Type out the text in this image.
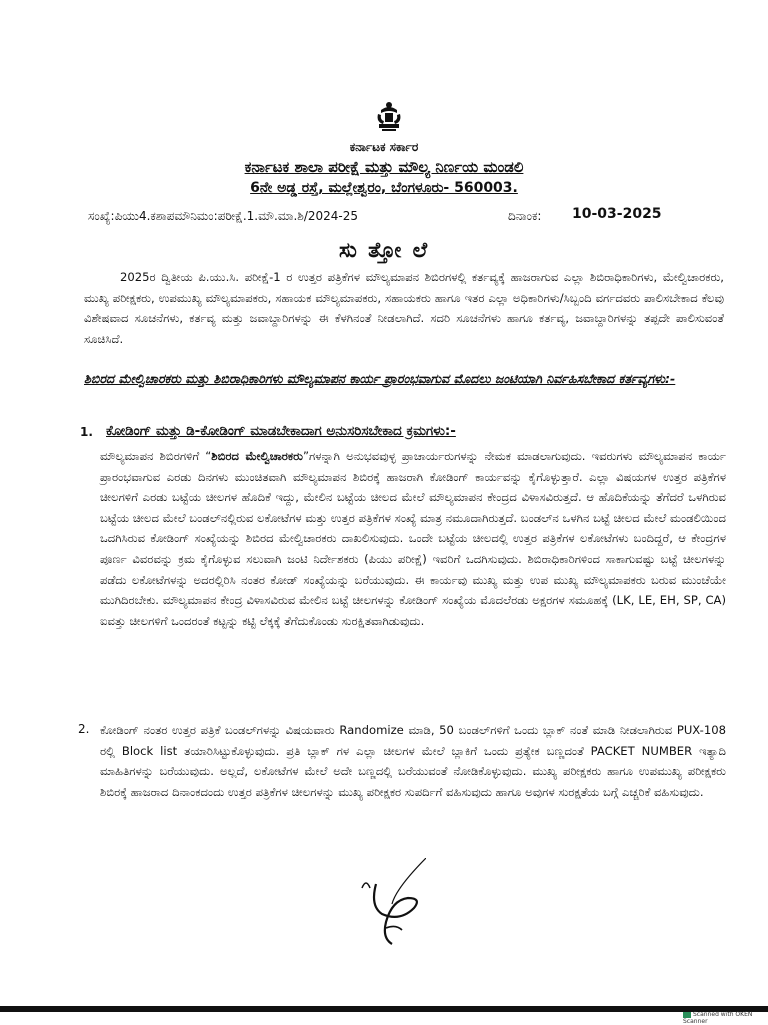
ಕರ್ನಾಟಕ ಸರ್ಕಾರ
ಕರ್ನಾಟಕ ಶಾಲಾ ಪರೀಕ್ಷೆ ಮತ್ತು ಮೌಲ್ಯ ನಿರ್ಣಯ ಮಂಡಲಿ
6ನೇ ಅಡ್ಡ ರಸ್ತೆ, ಮಲ್ಲೇಶ್ವರಂ, ಬೆಂಗಳೂರು- 560003.
ಸಂಖ್ಯೆ:ಪಿಯು4.ಕಶಾಪಮೌನಿಮಂ:ಪರೀಕ್ಷೆ.1.ಮೌ.ಮಾ.ಶಿ/2024-25	ದಿನಾಂಕ: 10-03-2025
ಸು ತ್ತೋ ಲೆ

2025ರ ದ್ವಿತೀಯ ಪಿ.ಯು.ಸಿ. ಪರೀಕ್ಷೆ-1 ರ ಉತ್ತರ ಪತ್ರಿಕೆಗಳ ಮೌಲ್ಯಮಾಪನ ಶಿಬಿರಗಳಲ್ಲಿ ಕರ್ತವ್ಯಕ್ಕೆ ಹಾಜರಾಗುವ ಎಲ್ಲಾ ಶಿಬಿರಾಧಿಕಾರಿಗಳು, ಮೇಲ್ವಿಚಾರಕರು, ಮುಖ್ಯ ಪರೀಕ್ಷಕರು, ಉಪಮುಖ್ಯ ಮೌಲ್ಯಮಾಪಕರು, ಸಹಾಯಕ ಮೌಲ್ಯಮಾಪಕರು, ಸಹಾಯಕರು ಹಾಗೂ ಇತರ ಎಲ್ಲಾ ಅಧಿಕಾರಿಗಳು/ಸಿಬ್ಬಂದಿ ವರ್ಗದವರು ಪಾಲಿಸಬೇಕಾದ ಕೆಲವು ವಿಶೇಷವಾದ ಸೂಚನೆಗಳು, ಕರ್ತವ್ಯ ಮತ್ತು ಜವಾಬ್ದಾರಿಗಳನ್ನು ಈ ಕೆಳಗಿನಂತೆ ನೀಡಲಾಗಿದೆ. ಸದರಿ ಸೂಚನೆಗಳು ಹಾಗೂ ಕರ್ತವ್ಯ, ಜವಾಬ್ದಾರಿಗಳನ್ನು ತಪ್ಪದೇ ಪಾಲಿಸುವಂತೆ ಸೂಚಿಸಿದೆ.

ಶಿಬಿರದ ಮೇಲ್ವಿಚಾರಕರು ಮತ್ತು ಶಿಬಿರಾಧಿಕಾರಿಗಳು ಮೌಲ್ಯಮಾಪನ ಕಾರ್ಯ ಪ್ರಾರಂಭವಾಗುವ ಮೊದಲು ಜಂಟಿಯಾಗಿ ನಿರ್ವಹಿಸಬೇಕಾದ ಕರ್ತವ್ಯಗಳು:-
1. ಕೋಡಿಂಗ್ ಮತ್ತು ಡಿ-ಕೋಡಿಂಗ್ ಮಾಡಬೇಕಾದಾಗ ಅನುಸರಿಸಬೇಕಾದ ಕ್ರಮಗಳು:-

ಮೌಲ್ಯಮಾಪನ ಶಿಬಿರಗಳಿಗೆ “ಶಿಬಿರದ ಮೇಲ್ವಿಚಾರಕರು”ಗಳನ್ನಾಗಿ ಅನುಭವವುಳ್ಳ ಪ್ರಾಚಾರ್ಯರುಗಳನ್ನು ನೇಮಕ ಮಾಡಲಾಗುವುದು. ಇವರುಗಳು ಮೌಲ್ಯಮಾಪನ ಕಾರ್ಯ ಪ್ರಾರಂಭವಾಗುವ ಎರಡು ದಿನಗಳು ಮುಂಚಿತವಾಗಿ ಮೌಲ್ಯಮಾಪನ ಶಿಬಿರಕ್ಕೆ ಹಾಜರಾಗಿ ಕೋಡಿಂಗ್ ಕಾರ್ಯವನ್ನು ಕೈಗೊಳ್ಳುತ್ತಾರೆ. ಎಲ್ಲಾ ವಿಷಯಗಳ ಉತ್ತರ ಪತ್ರಿಕೆಗಳ ಚೀಲಗಳಿಗೆ ಎರಡು ಬಟ್ಟೆಯ ಚೀಲಗಳ ಹೊದಿಕೆ ಇದ್ದು, ಮೇಲಿನ ಬಟ್ಟೆಯ ಚೀಲದ ಮೇಲೆ ಮೌಲ್ಯಮಾಪನ ಕೇಂದ್ರದ ವಿಳಾಸವಿರುತ್ತದೆ. ಆ ಹೊದಿಕೆಯನ್ನು ತೆಗೆದರೆ ಒಳಗಿರುವ ಬಟ್ಟೆಯ ಚೀಲದ ಮೇಲೆ ಬಂಡಲ್‌ನಲ್ಲಿರುವ ಲಕೋಟೆಗಳ ಮತ್ತು ಉತ್ತರ ಪತ್ರಿಕೆಗಳ ಸಂಖ್ಯೆ ಮಾತ್ರ ನಮೂದಾಗಿರುತ್ತದೆ. ಬಂಡಲ್‌ನ ಒಳಗಿನ ಬಟ್ಟೆ ಚೀಲದ ಮೇಲೆ ಮಂಡಲಿಯಿಂದ ಒದಗಿಸಿರುವ ಕೋಡಿಂಗ್ ಸಂಖ್ಯೆಯನ್ನು ಶಿಬಿರದ ಮೇಲ್ವಿಚಾರಕರು ದಾಖಲಿಸುವುದು. ಒಂದೇ ಬಟ್ಟೆಯ ಚೀಲದಲ್ಲಿ ಉತ್ತರ ಪತ್ರಿಕೆಗಳ ಲಕೋಟೆಗಳು ಬಂದಿದ್ದರೆ, ಆ ಕೇಂದ್ರಗಳ ಪೂರ್ಣ ವಿವರವನ್ನು ಕ್ರಮ ಕೈಗೊಳ್ಳುವ ಸಲುವಾಗಿ ಜಂಟಿ ನಿರ್ದೇಶಕರು (ಪಿಯು ಪರೀಕ್ಷೆ) ಇವರಿಗೆ ಒದಗಿಸುವುದು. ಶಿಬಿರಾಧಿಕಾರಿಗಳಿಂದ ಸಾಕಾಗುವಷ್ಟು ಬಟ್ಟೆ ಚೀಲಗಳನ್ನು ಪಡೆದು ಲಕೋಟೆಗಳನ್ನು ಅದರಲ್ಲಿರಿಸಿ ನಂತರ ಕೋಡ್ ಸಂಖ್ಯೆಯನ್ನು ಬರೆಯುವುದು. ಈ ಕಾರ್ಯವು ಮುಖ್ಯ ಮತ್ತು ಉಪ ಮುಖ್ಯ ಮೌಲ್ಯಮಾಪಕರು ಬರುವ ಮುಂಚೆಯೇ ಮುಗಿದಿರಬೇಕು. ಮೌಲ್ಯಮಾಪನ ಕೇಂದ್ರ ವಿಳಾಸವಿರುವ ಮೇಲಿನ ಬಟ್ಟೆ ಚೀಲಗಳನ್ನು ಕೋಡಿಂಗ್ ಸಂಖ್ಯೆಯ ಮೊದಲೆರಡು ಅಕ್ಷರಗಳ ಸಮೂಹಕ್ಕೆ (LK, LE, EH, SP, CA) ಐವತ್ತು ಚೀಲಗಳಿಗೆ ಒಂದರಂತೆ ಕಟ್ಟನ್ನು ಕಟ್ಟಿ ಲೆಕ್ಕಕ್ಕೆ ತೆಗೆದುಕೊಂಡು ಸುರಕ್ಷಿತವಾಗಿಡುವುದು.

2. ಕೋಡಿಂಗ್ ನಂತರ ಉತ್ತರ ಪತ್ರಿಕೆ ಬಂಡಲ್‌ಗಳನ್ನು ವಿಷಯವಾರು Randomize ಮಾಡಿ, 50 ಬಂಡಲ್‌ಗಳಿಗೆ ಒಂದು ಬ್ಲಾಕ್ ನಂತೆ ಮಾಡಿ ನೀಡಲಾಗಿರುವ PUX-108 ರಲ್ಲಿ Block list ತಯಾರಿಸಿಟ್ಟುಕೊಳ್ಳುವುದು. ಪ್ರತಿ ಬ್ಲಾಕ್ ಗಳ ಎಲ್ಲಾ ಚೀಲಗಳ ಮೇಲೆ ಬ್ಲಾಕಿಗೆ ಒಂದು ಪ್ರತ್ಯೇಕ ಬಣ್ಣದಂತೆ PACKET NUMBER ಇತ್ಯಾದಿ ಮಾಹಿತಿಗಳನ್ನು ಬರೆಯುವುದು. ಅಲ್ಲದೆ, ಲಕೋಟೆಗಳ ಮೇಲೆ ಅದೇ ಬಣ್ಣದಲ್ಲಿ ಬರೆಯುವಂತೆ ನೋಡಿಕೊಳ್ಳುವುದು. ಮುಖ್ಯ ಪರೀಕ್ಷಕರು ಹಾಗೂ ಉಪಮುಖ್ಯ ಪರೀಕ್ಷಕರು ಶಿಬಿರಕ್ಕೆ ಹಾಜರಾದ ದಿನಾಂಕದಂದು ಉತ್ತರ ಪತ್ರಿಕೆಗಳ ಚೀಲಗಳನ್ನು ಮುಖ್ಯ ಪರೀಕ್ಷಕರ ಸುಪರ್ದಿಗೆ ವಹಿಸುವುದು ಹಾಗೂ ಅವುಗಳ ಸುರಕ್ಷತೆಯ ಬಗ್ಗೆ ಎಚ್ಚರಿಕೆ ವಹಿಸುವುದು.

Scanned with OKEN Scanner
